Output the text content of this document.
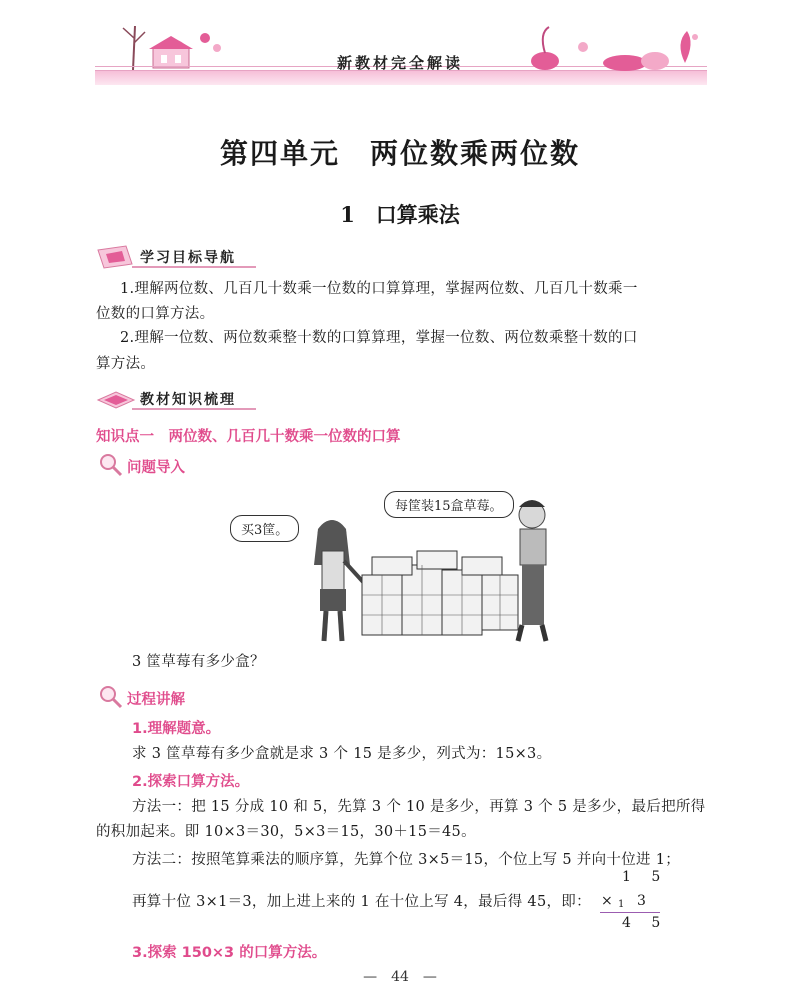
新教材完全解读
第四单元　两位数乘两位数
1　口算乘法
学习目标导航
1.理解两位数、几百几十数乘一位数的口算算理，掌握两位数、几百几十数乘一
位数的口算方法。
2.理解一位数、两位数乘整十数的口算算理，掌握一位数、两位数乘整十数的口
算方法。
教材知识梳理
知识点一　两位数、几百几十数乘一位数的口算
问题导入
买3筐。
每筐装15盒草莓。
3 筐草莓有多少盒？
过程讲解
1.理解题意。
求 3 筐草莓有多少盒就是求 3 个 15 是多少，列式为：15×3。
2.探索口算方法。
方法一：把 15 分成 10 和 5，先算 3 个 10 是多少，再算 3 个 5 是多少，最后把所得
的积加起来。即 10×3＝30，5×3＝15，30＋15＝45。
方法二：按照笔算乘法的顺序算，先算个位 3×5＝15，个位上写 5 并向十位进 1；
再算十位 3×1＝3，加上进上来的 1 在十位上写 4，最后得 45，即：
1 5
× 1 3
4 5
3.探索 150×3 的口算方法。
—　44　—
